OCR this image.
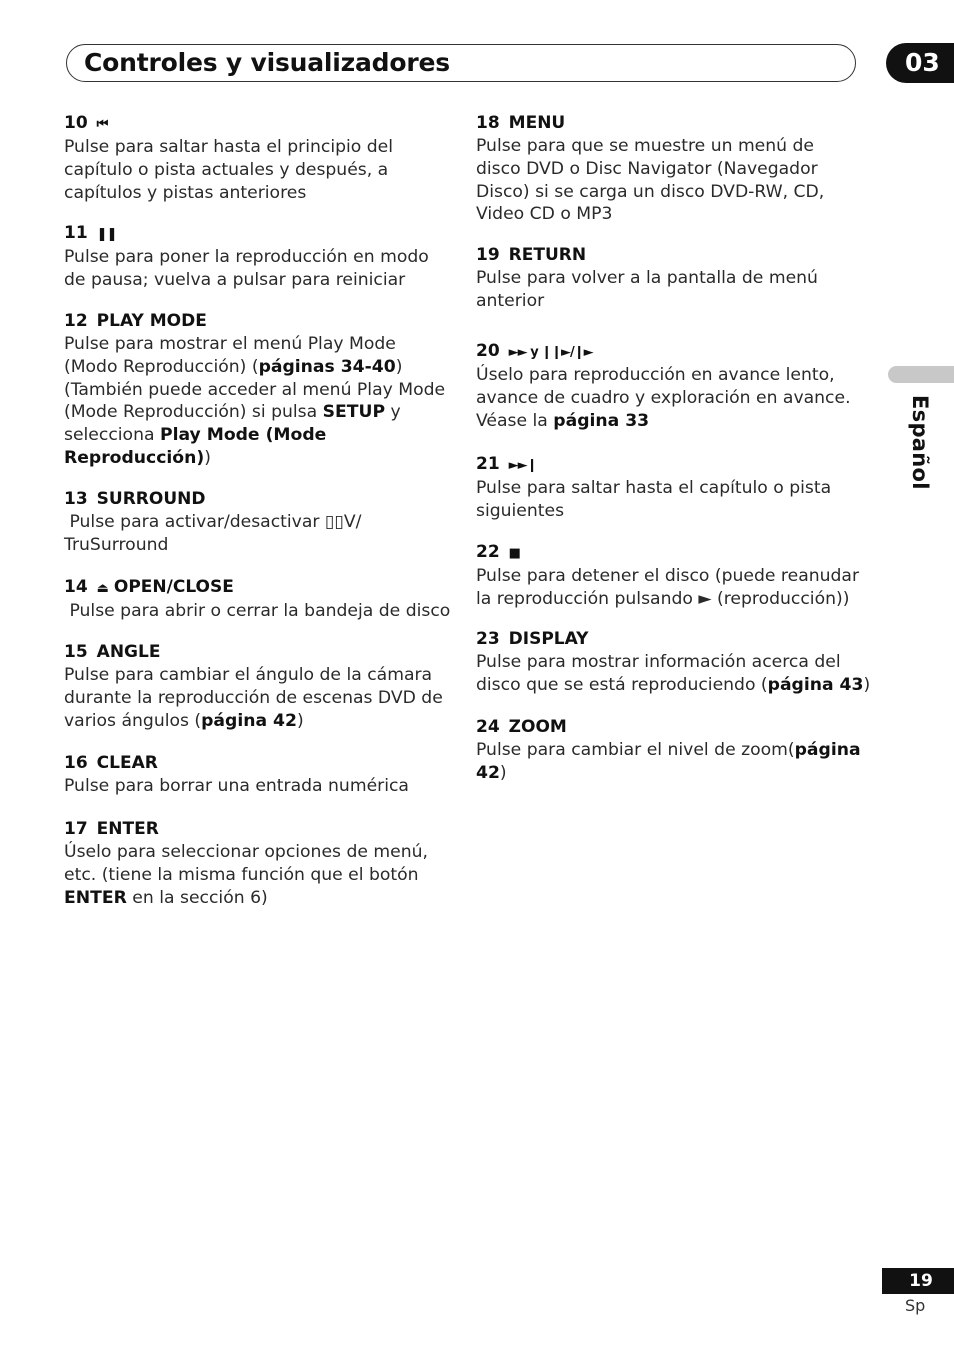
Controles y visualizadores	03
Español
10 ⏮
Pulse para saltar hasta el principio del
capítulo o pista actuales y después, a
capítulos y pistas anteriores
11 ❚❚
Pulse para poner la reproducción en modo
de pausa; vuelva a pulsar para reiniciar
12 PLAY MODE
Pulse para mostrar el menú Play Mode
(Modo Reproducción) (páginas 34-40)
(También puede acceder al menú Play Mode
(Mode Reproducción) si pulsa SETUP y
selecciona Play Mode (Mode
Reproducción))
13 SURROUND
Pulse para activar/desactivar ▯▯V/
TruSurround
14 ⏏ OPEN/CLOSE
Pulse para abrir o cerrar la bandeja de disco
15 ANGLE
Pulse para cambiar el ángulo de la cámara
durante la reproducción de escenas DVD de
varios ángulos (página 42)
16 CLEAR
Pulse para borrar una entrada numérica
17 ENTER
Úselo para seleccionar opciones de menú,
etc. (tiene la misma función que el botón
ENTER en la sección 6)
18 MENU
Pulse para que se muestre un menú de
disco DVD o Disc Navigator (Navegador
Disco) si se carga un disco DVD-RW, CD,
Video CD o MP3
19 RETURN
Pulse para volver a la pantalla de menú
anterior
20 ►► y ❙❙►/❙►
Úselo para reproducción en avance lento,
avance de cuadro y exploración en avance.
Véase la página 33
21 ►►❙
Pulse para saltar hasta el capítulo o pista
siguientes
22 ■
Pulse para detener el disco (puede reanudar
la reproducción pulsando ► (reproducción))
23 DISPLAY
Pulse para mostrar información acerca del
disco que se está reproduciendo (página 43)
24 ZOOM
Pulse para cambiar el nivel de zoom(página
42)
19
Sp
